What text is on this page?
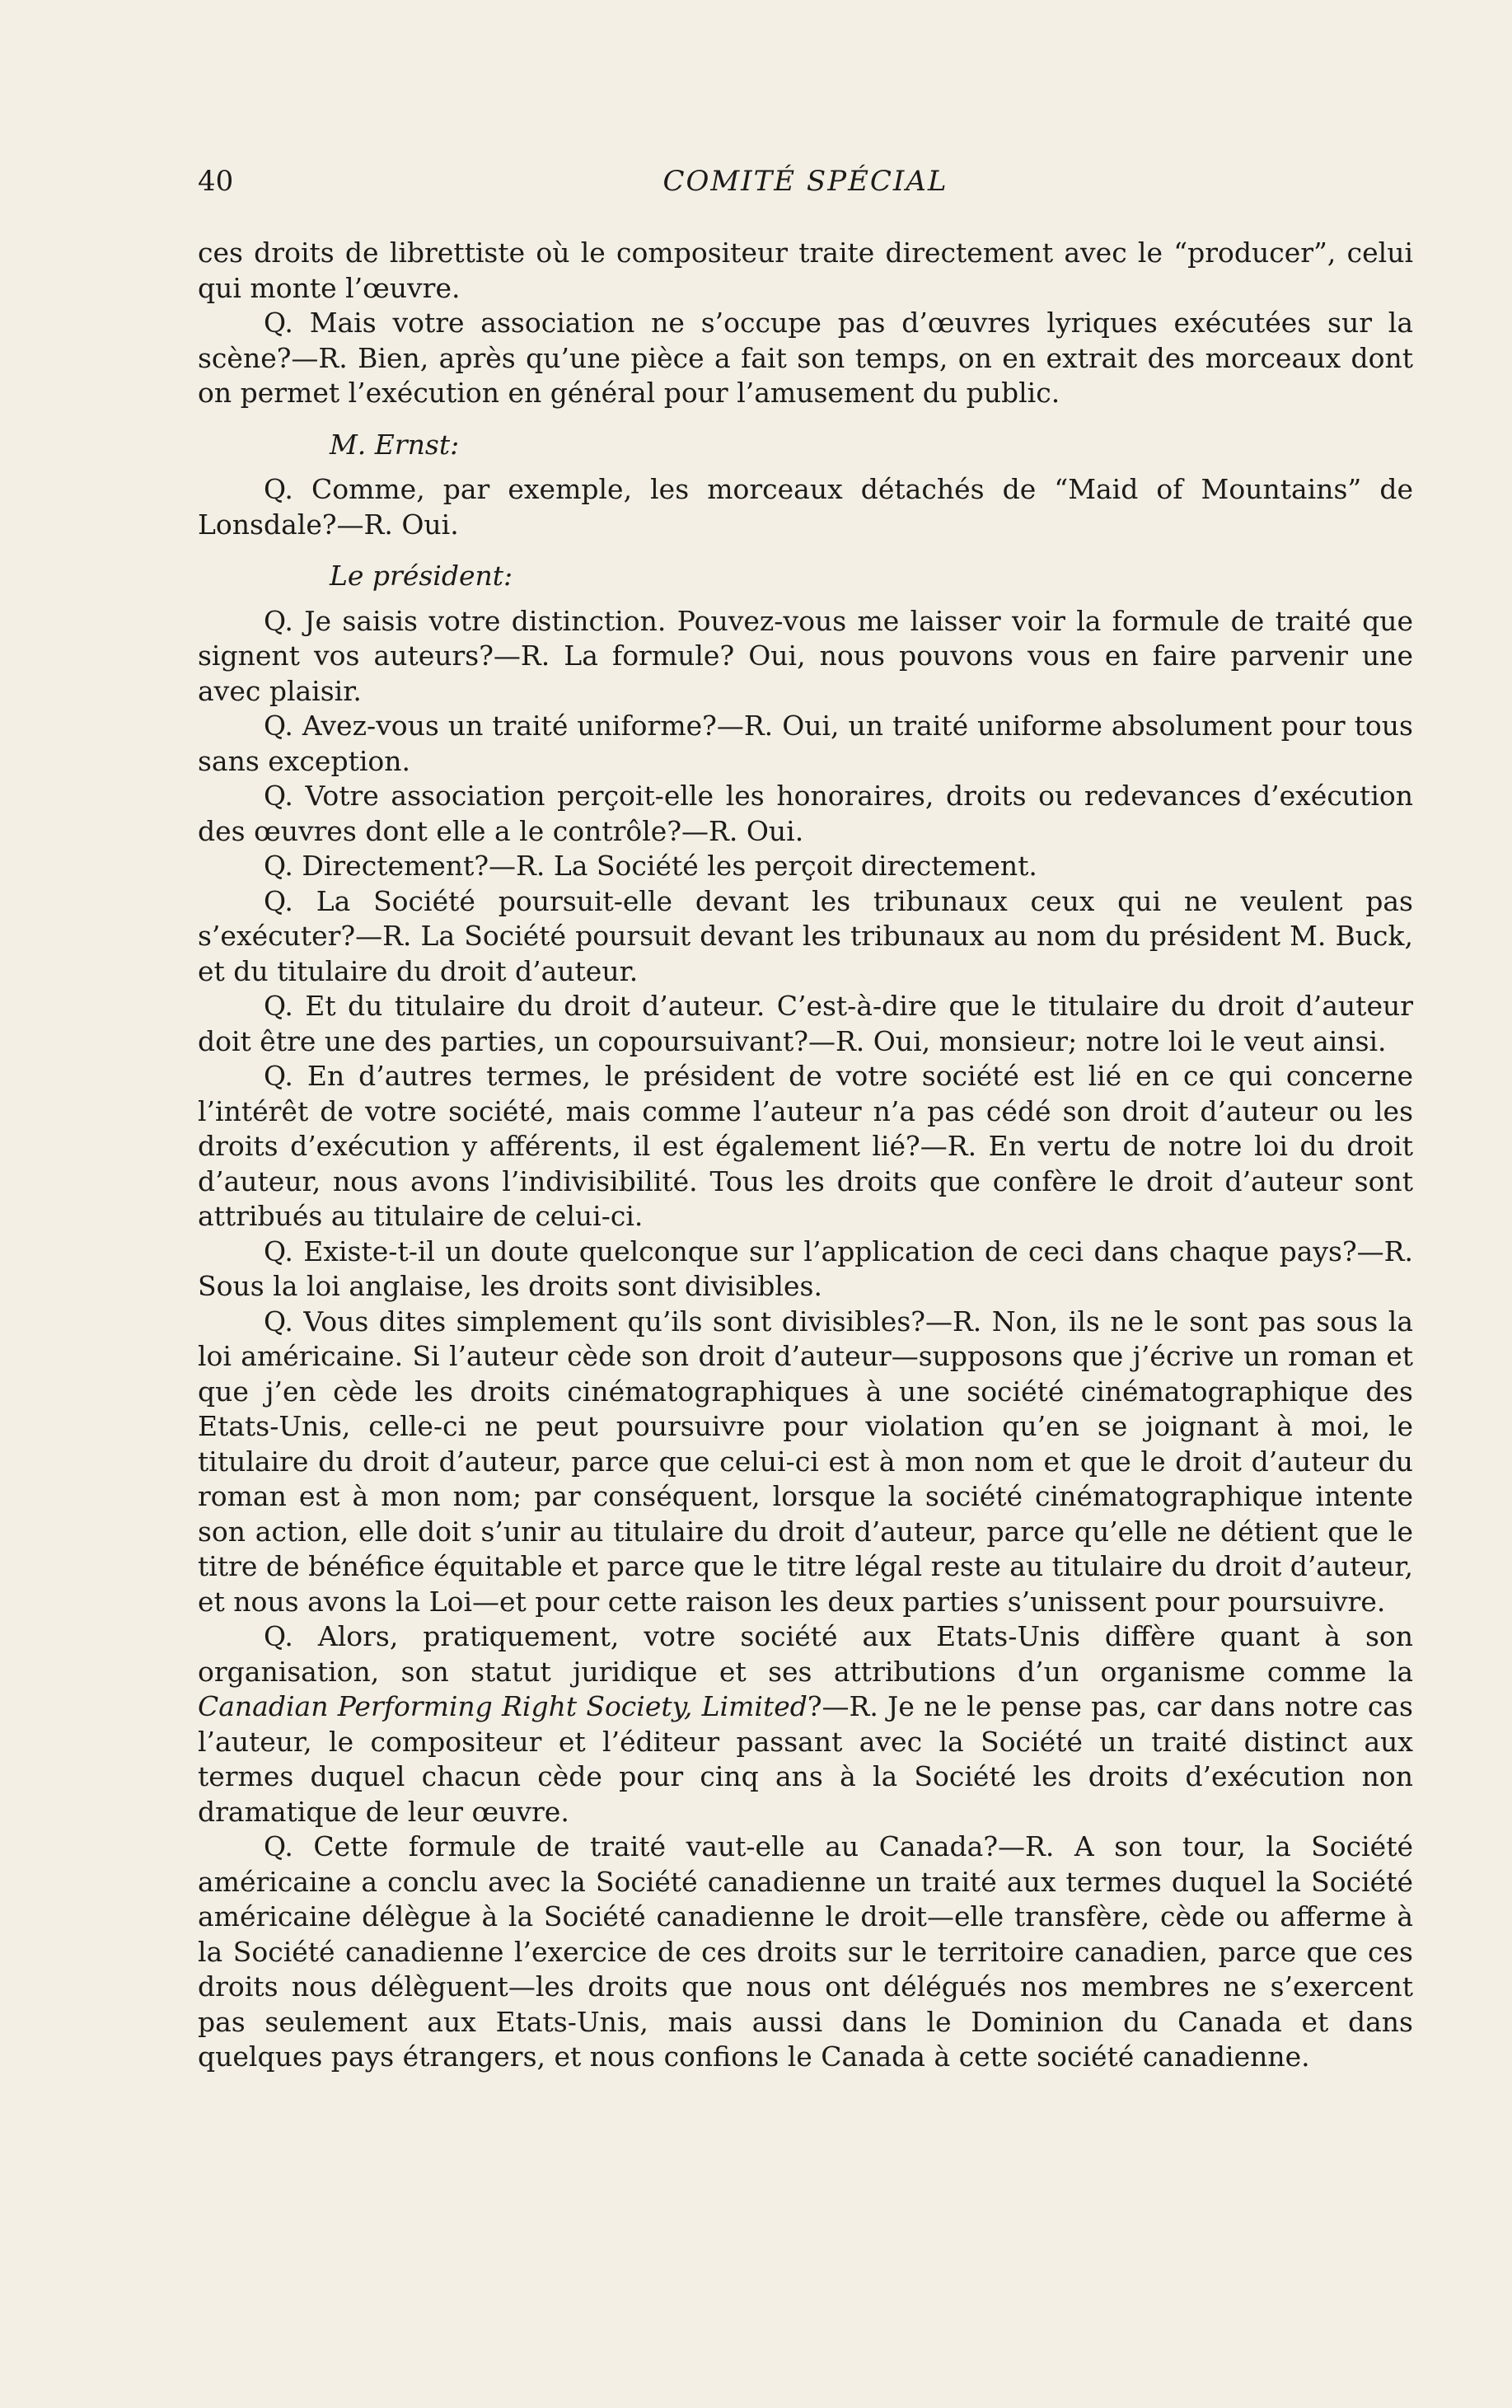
40	COMITÉ SPÉCIAL

ces droits de librettiste où le compositeur traite directement avec le “producer”, celui qui monte l’œuvre.

Q. Mais votre association ne s’occupe pas d’œuvres lyriques exécutées sur la scène?—R. Bien, après qu’une pièce a fait son temps, on en extrait des morceaux dont on permet l’exécution en général pour l’amusement du public.

M. Ernst:

Q. Comme, par exemple, les morceaux détachés de “Maid of Mountains” de Lonsdale?—R. Oui.

Le président:

Q. Je saisis votre distinction. Pouvez-vous me laisser voir la formule de traité que signent vos auteurs?—R. La formule? Oui, nous pouvons vous en faire parvenir une avec plaisir.

Q. Avez-vous un traité uniforme?—R. Oui, un traité uniforme absolument pour tous sans exception.

Q. Votre association perçoit-elle les honoraires, droits ou redevances d’exécution des œuvres dont elle a le contrôle?—R. Oui.

Q. Directement?—R. La Société les perçoit directement.

Q. La Société poursuit-elle devant les tribunaux ceux qui ne veulent pas s’exécuter?—R. La Société poursuit devant les tribunaux au nom du président M. Buck, et du titulaire du droit d’auteur.

Q. Et du titulaire du droit d’auteur. C’est-à-dire que le titulaire du droit d’auteur doit être une des parties, un copoursuivant?—R. Oui, monsieur; notre loi le veut ainsi.

Q. En d’autres termes, le président de votre société est lié en ce qui concerne l’intérêt de votre société, mais comme l’auteur n’a pas cédé son droit d’auteur ou les droits d’exécution y afférents, il est également lié?—R. En vertu de notre loi du droit d’auteur, nous avons l’indivisibilité. Tous les droits que confère le droit d’auteur sont attribués au titulaire de celui-ci.

Q. Existe-t-il un doute quelconque sur l’application de ceci dans chaque pays?—R. Sous la loi anglaise, les droits sont divisibles.

Q. Vous dites simplement qu’ils sont divisibles?—R. Non, ils ne le sont pas sous la loi américaine. Si l’auteur cède son droit d’auteur—supposons que j’écrive un roman et que j’en cède les droits cinématographiques à une société cinématographique des Etats-Unis, celle-ci ne peut poursuivre pour violation qu’en se joignant à moi, le titulaire du droit d’auteur, parce que celui-ci est à mon nom et que le droit d’auteur du roman est à mon nom; par conséquent, lorsque la société cinématographique intente son action, elle doit s’unir au titulaire du droit d’auteur, parce qu’elle ne détient que le titre de bénéfice équitable et parce que le titre légal reste au titulaire du droit d’auteur, et nous avons la Loi—et pour cette raison les deux parties s’unissent pour poursuivre.

Q. Alors, pratiquement, votre société aux Etats-Unis diffère quant à son organisation, son statut juridique et ses attributions d’un organisme comme la Canadian Performing Right Society, Limited?—R. Je ne le pense pas, car dans notre cas l’auteur, le compositeur et l’éditeur passant avec la Société un traité distinct aux termes duquel chacun cède pour cinq ans à la Société les droits d’exécution non dramatique de leur œuvre.

Q. Cette formule de traité vaut-elle au Canada?—R. A son tour, la Société américaine a conclu avec la Société canadienne un traité aux termes duquel la Société américaine délègue à la Société canadienne le droit—elle transfère, cède ou afferme à la Société canadienne l’exercice de ces droits sur le territoire canadien, parce que ces droits nous délèguent—les droits que nous ont délégués nos membres ne s’exercent pas seulement aux Etats-Unis, mais aussi dans le Dominion du Canada et dans quelques pays étrangers, et nous confions le Canada à cette société canadienne.
